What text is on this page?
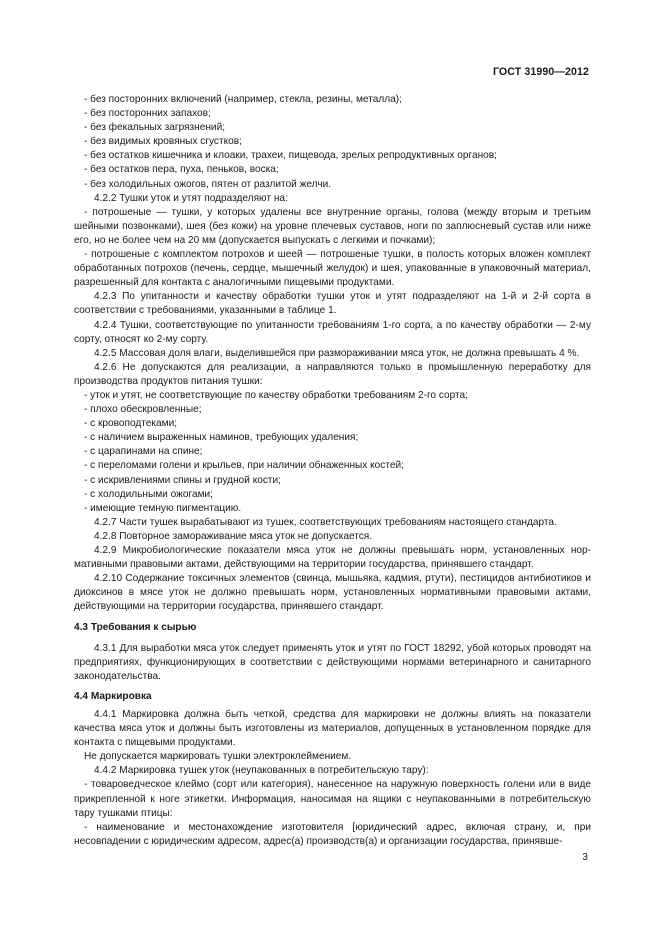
ГОСТ 31990—2012

- без посторонних включений (например, стекла, резины, металла);

- без посторонних запахов;

- без фекальных загрязнений;

- без видимых кровяных сгустков;

- без остатков кишечника и клоаки, трахеи, пищевода, зрелых репродуктивных органов;

- без остатков пера, пуха, пеньков, воска;

- без холодильных ожогов, пятен от разлитой желчи.

4.2.2 Тушки уток и утят подразделяют на:

- потрошеные — тушки, у которых удалены все внутренние органы, голова (между вторым и третьим шейными позвонками), шея (без кожи) на уровне плечевых суставов, ноги по заплюсневый сустав или ниже его, но не более чем на 20 мм (допускается выпускать с легкими и почками);

- потрошеные с комплектом потрохов и шеей — потрошеные тушки, в полость которых вложен комплект обработанных потрохов (печень, сердце, мышечный желудок) и шея, упакованные в упаковочный материал, разрешенный для контакта с аналогичными пищевыми продуктами.

4.2.3 По упитанности и качеству обработки тушки уток и утят подразделяют на 1-й и 2-й сорта в соответствии с требованиями, указанными в таблице 1.

4.2.4 Тушки, соответствующие по упитанности требованиям 1-го сорта, а по качеству обработки — 2-му сорту, относят ко 2-му сорту.

4.2.5 Массовая доля влаги, выделившейся при размораживании мяса уток, не должна превышать 4 %.

4.2.6 Не допускаются для реализации, а направляются только в промышленную переработку для производства продуктов питания тушки:

- уток и утят, не соответствующие по качеству обработки требованиям 2-го сорта;

- плохо обескровленные;

- с кровоподтеками;

- с наличием выраженных наминов, требующих удаления;

- с царапинами на спине;

- с переломами голени и крыльев, при наличии обнаженных костей;

- с искривлениями спины и грудной кости;

- с холодильными ожогами;

- имеющие темную пигментацию.

4.2.7 Части тушек вырабатывают из тушек, соответствующих требованиям настоящего стандарта.

4.2.8 Повторное замораживание мяса уток не допускается.

4.2.9 Микробиологические показатели мяса уток не должны превышать норм, установленных нормативными правовыми актами, действующими на территории государства, принявшего стандарт.

4.2.10 Содержание токсичных элементов (свинца, мышьяка, кадмия, ртути), пестицидов антибиотиков и диоксинов в мясе уток не должно превышать норм, установленных нормативными правовыми актами, действующими на территории государства, принявшего стандарт.

4.3 Требования к сырью

4.3.1 Для выработки мяса уток следует применять уток и утят по ГОСТ 18292, убой которых проводят на предприятиях, функционирующих в соответствии с действующими нормами ветеринарного и санитарного законодательства.

4.4 Маркировка

4.4.1 Маркировка должна быть четкой, средства для маркировки не должны влиять на показатели качества мяса уток и должны быть изготовлены из материалов, допущенных в установленном порядке для контакта с пищевыми продуктами.

Не допускается маркировать тушки электроклеймением.

4.4.2 Маркировка тушек уток (неупакованных в потребительскую тару):

- товароведческое клеймо (сорт или категория), нанесенное на наружную поверхность голени или в виде прикрепленной к ноге этикетки. Информация, наносимая на ящики с неупакованными в потребительскую тару тушками птицы:

- наименование и местонахождение изготовителя [юридический адрес, включая страну, и, при несовпадении с юридическим адресом, адрес(а) производств(а) и организации государства, принявше-

3
